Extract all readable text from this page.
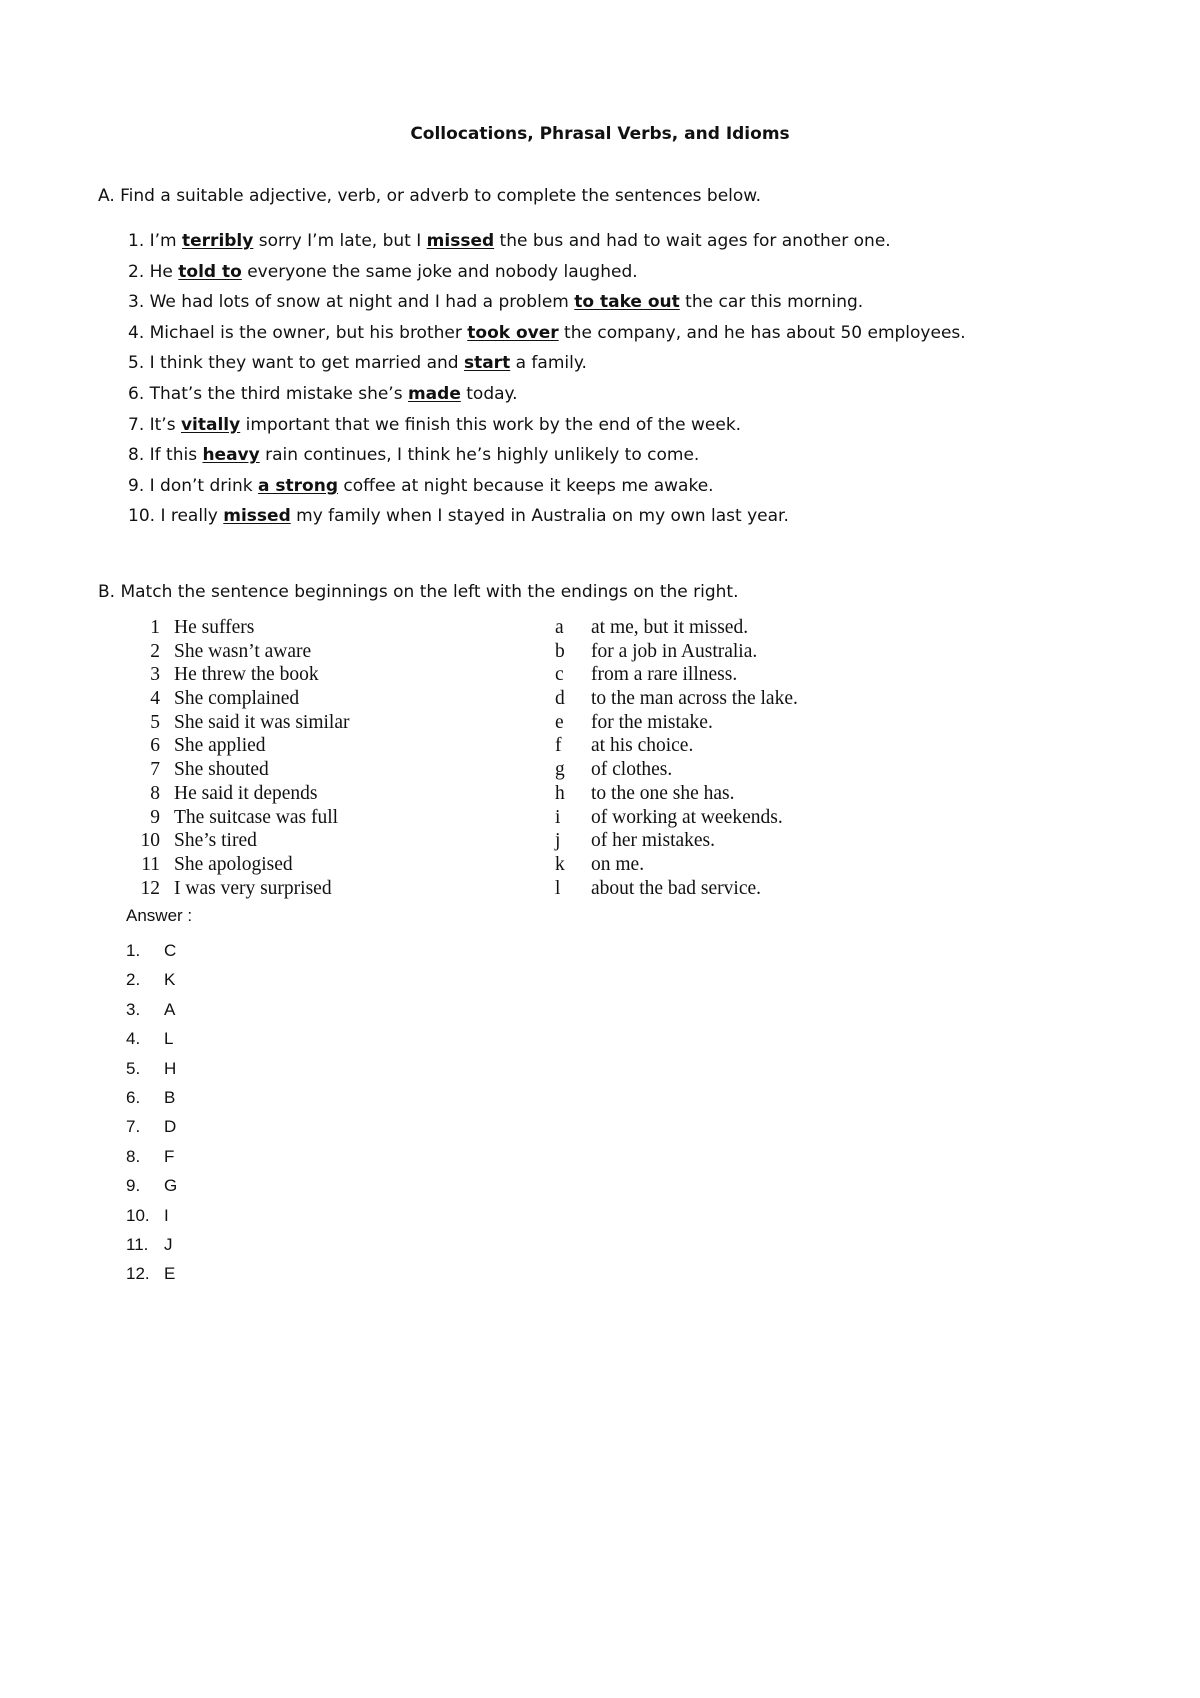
Collocations, Phrasal Verbs, and Idioms
A. Find a suitable adjective, verb, or adverb to complete the sentences below.
1. I’m terribly sorry I’m late, but I missed the bus and had to wait ages for another one.
2. He told to everyone the same joke and nobody laughed.
3. We had lots of snow at night and I had a problem to take out the car this morning.
4. Michael is the owner, but his brother took over the company, and he has about 50 employees.
5. I think they want to get married and start a family.
6. That’s the third mistake she’s made today.
7. It’s vitally important that we finish this work by the end of the week.
8. If this heavy rain continues, I think he’s highly unlikely to come.
9. I don’t drink a strong coffee at night because it keeps me awake.
10. I really missed my family when I stayed in Australia on my own last year.
B. Match the sentence beginnings on the left with the endings on the right.
1 He suffers
2 She wasn’t aware
3 He threw the book
4 She complained
5 She said it was similar
6 She applied
7 She shouted
8 He said it depends
9 The suitcase was full
10 She’s tired
11 She apologised
12 I was very surprised
a at me, but it missed.
b for a job in Australia.
c from a rare illness.
d to the man across the lake.
e for the mistake.
f at his choice.
g of clothes.
h to the one she has.
i of working at weekends.
j of her mistakes.
k on me.
l about the bad service.
Answer :
1. C
2. K
3. A
4. L
5. H
6. B
7. D
8. F
9. G
10. I
11. J
12. E
